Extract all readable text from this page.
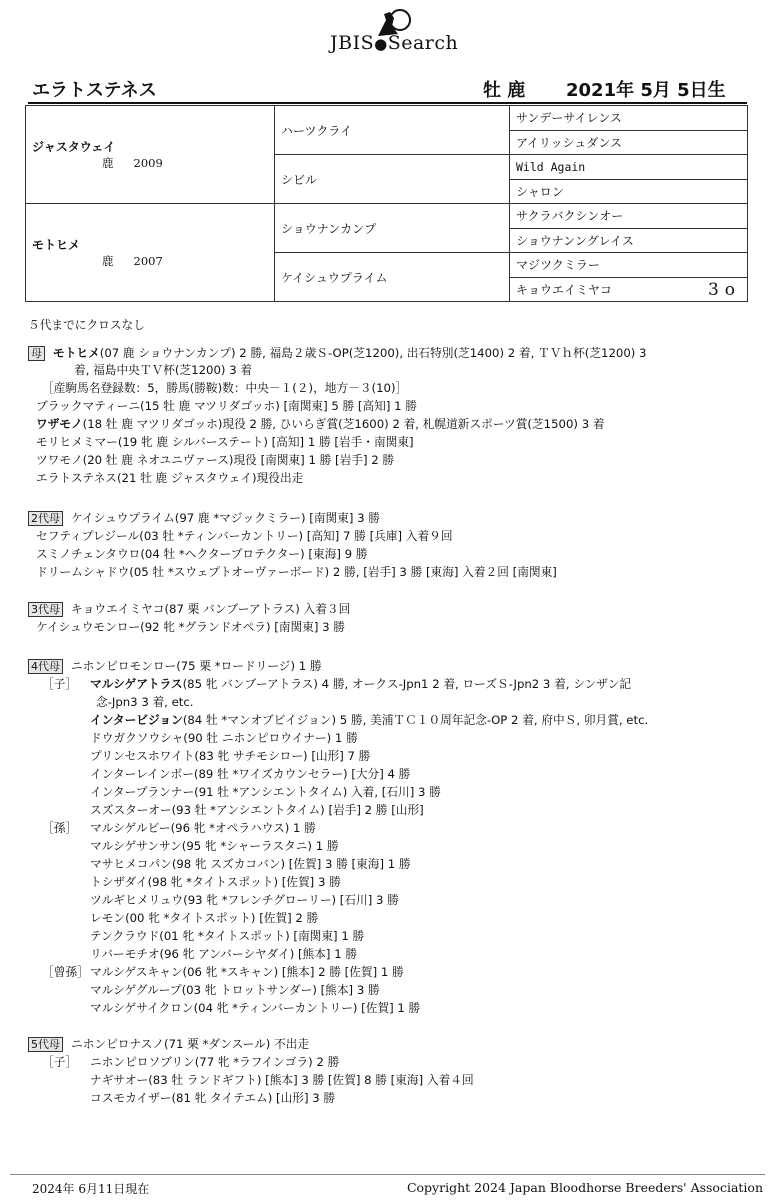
JBIS●Search
エラトステネス	牡 鹿 2021年 5月 5日生
ジャスタウェイ
鹿 2009	ハーツクライ	サンデーサイレンス
		アイリッシュダンス
	シビル	Wild Again
		シャロン

モトヒメ
鹿 2007	ショウナンカンプ	サクラバクシンオー
		ショウナンングレイス
	ケイシュウプライム	マジツクミラー
		キョウエイミヤコ 3o
５代までにクロスなし
母 モトヒメ(07 鹿 ショウナンカンプ) 2 勝, 福島２歳Ｓ-OP(芝1200), 出石特別(芝1400) 2 着, ＴＶｈ杯(芝1200) 3
着, 福島中央ＴＶ杯(芝1200) 3 着
［産駒馬名登録数：5，勝馬(勝鞍)数：中央－１(２)，地方－３(10)］
ブラックマティーニ(15 牡 鹿 マツリダゴッホ) [南関東] 5 勝 [高知] 1 勝
ワザモノ(18 牡 鹿 マツリダゴッホ)現役 2 勝, ひいらぎ賞(芝1600) 2 着, 札幌道新スポーツ賞(芝1500) 3 着
モリヒメミマー(19 牝 鹿 シルバーステート) [高知] 1 勝 [岩手・南関東]
ツワモノ(20 牡 鹿 ネオユニヴァース)現役 [南関東] 1 勝 [岩手] 2 勝
エラトステネス(21 牡 鹿 ジャスタウェイ)現役出走
2代母 ケイシュウプライム(97 鹿 *マジックミラー) [南関東] 3 勝
セフティプレジール(03 牡 *ティンバーカントリー) [高知] 7 勝 [兵庫] 入着９回
スミノチェンタウロ(04 牡 *ヘクタープロテクター) [東海] 9 勝
ドリームシャドウ(05 牡 *スウェプトオーヴァーボード) 2 勝, [岩手] 3 勝 [東海] 入着２回 [南関東]
3代母 キョウエイミヤコ(87 栗 バンブーアトラス) 入着３回
ケイシュウモンロー(92 牝 *グランドオペラ) [南関東] 3 勝
4代母 ニホンピロモンロー(75 栗 *ロードリージ) 1 勝
［子］ マルシゲアトラス(85 牝 バンブーアトラス) 4 勝, オークス-Jpn1 2 着, ローズＳ-Jpn2 3 着, シンザン記
念-Jpn3 3 着, etc.
インタービジョン(84 牡 *マンオブビイジョン) 5 勝, 美浦ＴＣ１０周年記念-OP 2 着, 府中Ｓ, 卯月賞, etc.
ドウガクソウシャ(90 牡 ニホンピロウイナー) 1 勝
プリンセスホワイト(83 牝 サチモシロー) [山形] 7 勝
インターレインボー(89 牡 *ワイズカウンセラー) [大分] 4 勝
インタープランナー(91 牡 *アンシエントタイム) 入着, [石川] 3 勝
スズスターオー(93 牡 *アンシエントタイム) [岩手] 2 勝 [山形]
［孫］ マルシゲルビー(96 牝 *オペラハウス) 1 勝
マルシゲサンサン(95 牝 *シャーラスタニ) 1 勝
マサヒメコパン(98 牝 スズカコバン) [佐賀] 3 勝 [東海] 1 勝
トシザダイ(98 牝 *タイトスポット) [佐賀] 3 勝
ツルギヒメリュウ(93 牝 *フレンチグローリー) [石川] 3 勝
レモン(00 牝 *タイトスポット) [佐賀] 2 勝
テンクラウド(01 牝 *タイトスポット) [南関東] 1 勝
リバーモチオ(96 牝 アンバーシヤダイ) [熊本] 1 勝
［曾孫］ マルシゲスキャン(06 牝 *スキャン) [熊本] 2 勝 [佐賀] 1 勝
マルシゲグループ(03 牝 トロットサンダー) [熊本] 3 勝
マルシゲサイクロン(04 牝 *ティンバーカントリー) [佐賀] 1 勝
5代母 ニホンピロナスノ(71 栗 *ダンスール) 不出走
［子］ ニホンピロソブリン(77 牝 *ラフインゴラ) 2 勝
ナギサオー(83 牡 ランドギフト) [熊本] 3 勝 [佐賀] 8 勝 [東海] 入着４回
コスモカイザー(81 牝 タイテエム) [山形] 3 勝
2024年 6月11日現在	Copyright 2024 Japan Bloodhorse Breeders' Association
